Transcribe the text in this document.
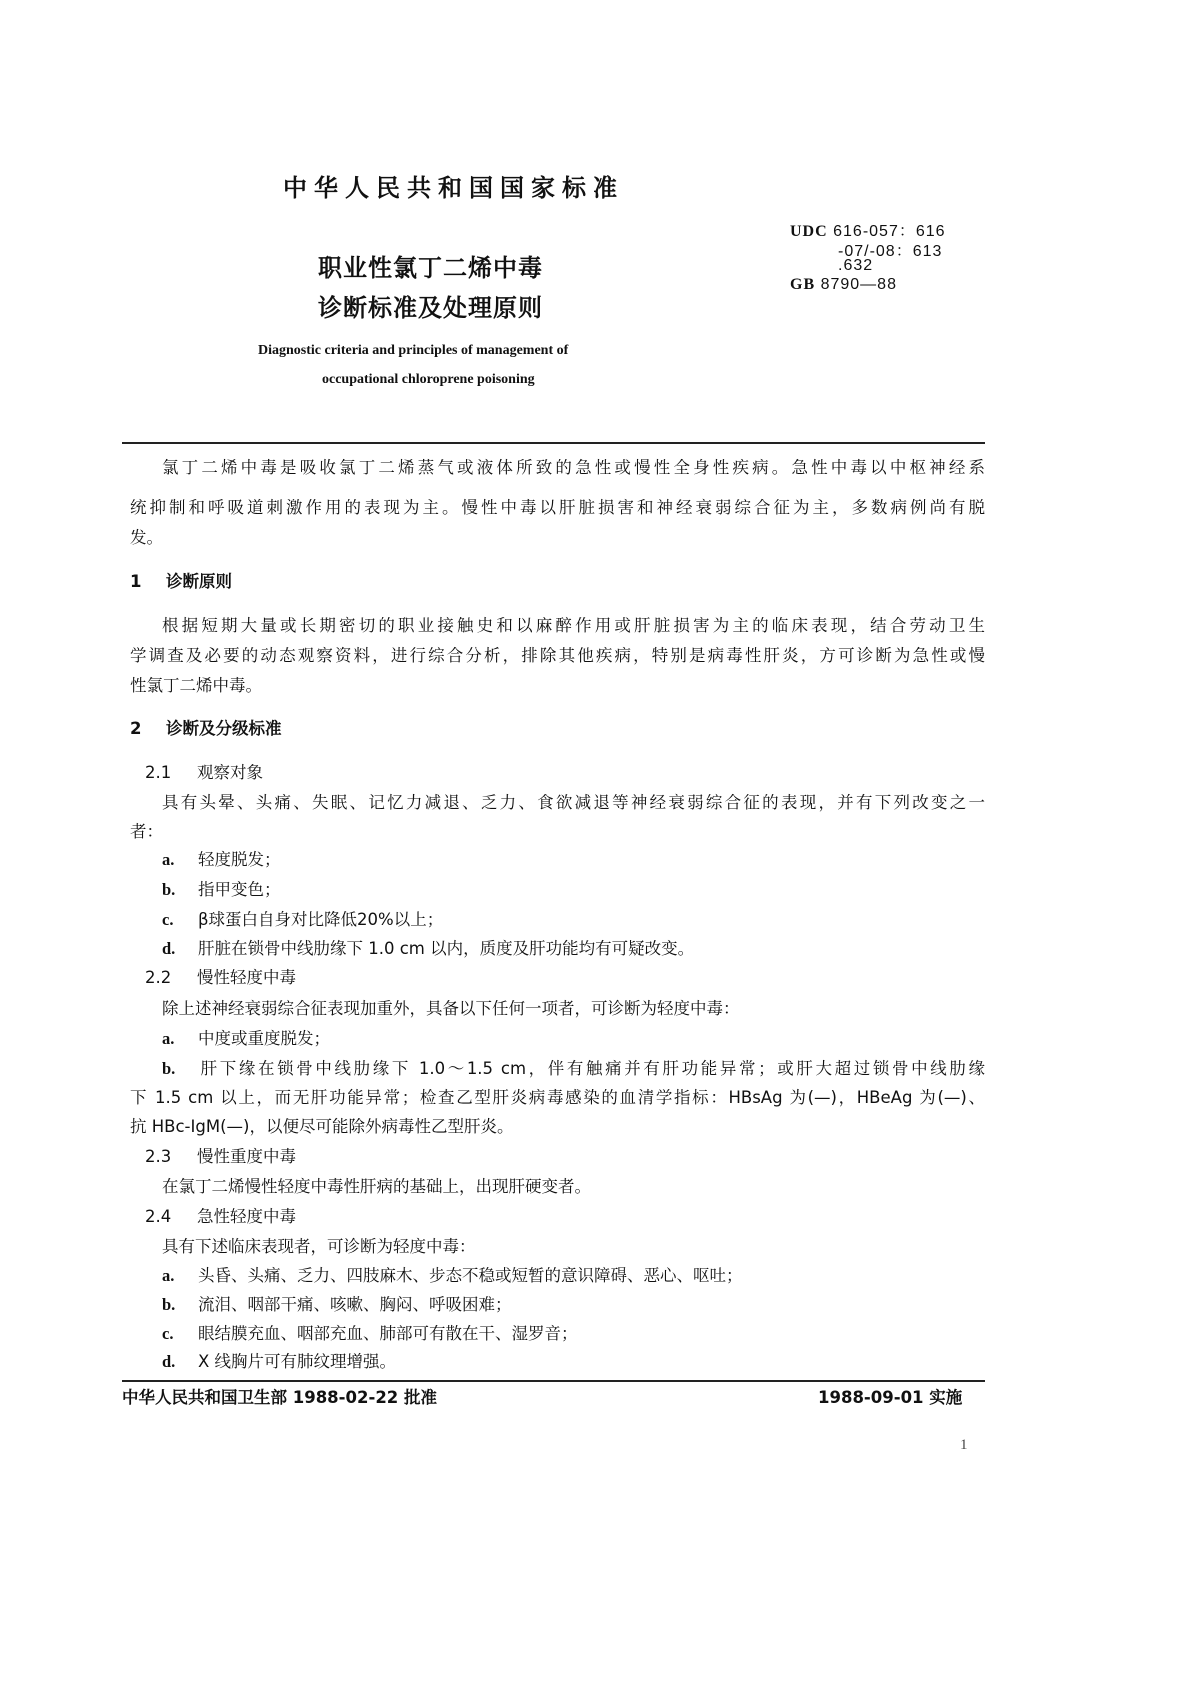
中华人民共和国国家标准
职业性氯丁二烯中毒
诊断标准及处理原则
Diagnostic criteria and principles of management of
occupational chloroprene poisoning
UDC 616-057：616
-07/-08：613
.632
GB 8790—88
氯丁二烯中毒是吸收氯丁二烯蒸气或液体所致的急性或慢性全身性疾病。急性中毒以中枢神经系
统抑制和呼吸道刺激作用的表现为主。慢性中毒以肝脏损害和神经衰弱综合征为主，多数病例尚有脱
发。
1 诊断原则
根据短期大量或长期密切的职业接触史和以麻醉作用或肝脏损害为主的临床表现，结合劳动卫生
学调查及必要的动态观察资料，进行综合分析，排除其他疾病，特别是病毒性肝炎，方可诊断为急性或慢
性氯丁二烯中毒。
2 诊断及分级标准
2.1 观察对象
具有头晕、头痛、失眠、记忆力减退、乏力、食欲减退等神经衰弱综合征的表现，并有下列改变之一
者：
a. 轻度脱发；
b. 指甲变色；
c. β球蛋白自身对比降低20%以上；
d. 肝脏在锁骨中线肋缘下 1.0 cm 以内，质度及肝功能均有可疑改变。
2.2 慢性轻度中毒
除上述神经衰弱综合征表现加重外，具备以下任何一项者，可诊断为轻度中毒：
a. 中度或重度脱发；
b. 肝下缘在锁骨中线肋缘下 1.0～1.5 cm，伴有触痛并有肝功能异常；或肝大超过锁骨中线肋缘
下 1.5 cm 以上，而无肝功能异常；检查乙型肝炎病毒感染的血清学指标：HBsAg 为(—)，HBeAg 为(—)、
抗 HBc-IgM(—)，以便尽可能除外病毒性乙型肝炎。
2.3 慢性重度中毒
在氯丁二烯慢性轻度中毒性肝病的基础上，出现肝硬变者。
2.4 急性轻度中毒
具有下述临床表现者，可诊断为轻度中毒：
a. 头昏、头痛、乏力、四肢麻木、步态不稳或短暂的意识障碍、恶心、呕吐；
b. 流泪、咽部干痛、咳嗽、胸闷、呼吸困难；
c. 眼结膜充血、咽部充血、肺部可有散在干、湿罗音；
d. X 线胸片可有肺纹理增强。
中华人民共和国卫生部 1988-02-22 批准	1988-09-01 实施
1
